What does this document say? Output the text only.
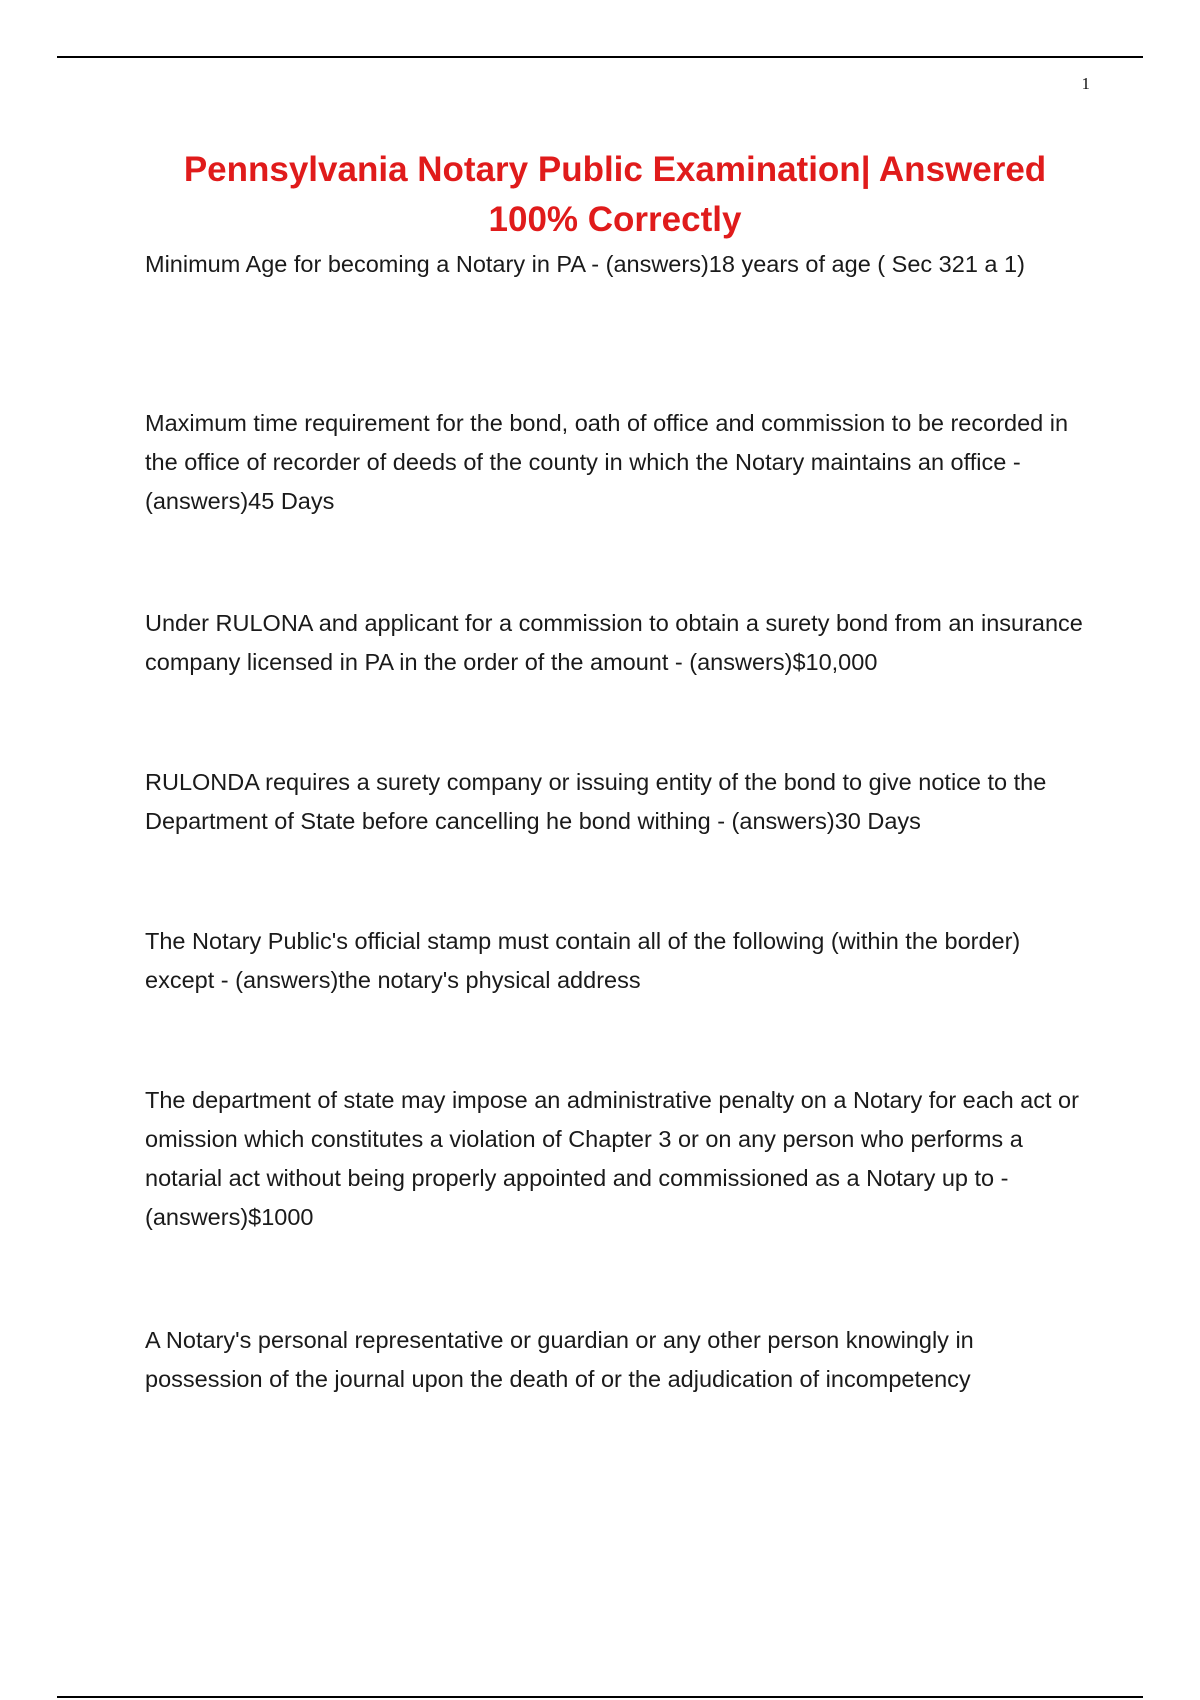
1
Pennsylvania Notary Public Examination| Answered 100% Correctly

Minimum Age for becoming a Notary in PA - (answers)18 years of age ( Sec 321 a 1)

Maximum time requirement for the bond, oath of office and commission to be recorded in the office of recorder of deeds of the county in which the Notary maintains an office - (answers)45 Days

Under RULONA and applicant for a commission to obtain a surety bond from an insurance company licensed in PA in the order of the amount - (answers)$10,000

RULONDA requires a surety company or issuing entity of the bond to give notice to the Department of State before cancelling he bond withing - (answers)30 Days

The Notary Public's official stamp must contain all of the following (within the border) except - (answers)the notary's physical address

The department of state may impose an administrative penalty on a Notary for each act or omission which constitutes a violation of Chapter 3 or on any person who performs a notarial act without being properly appointed and commissioned as a Notary up to - (answers)$1000

A Notary's personal representative or guardian or any other person knowingly in possession of the journal upon the death of or the adjudication of incompetency
